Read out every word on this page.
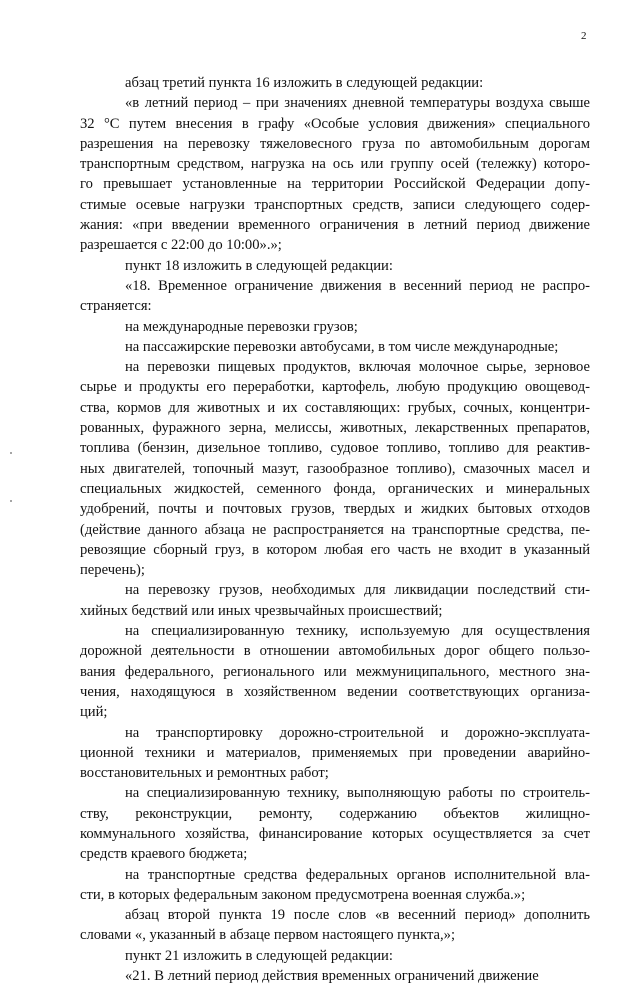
2
абзац третий пункта 16 изложить в следующей редакции:
«в летний период – при значениях дневной температуры воздуха свыше
32 °С путем внесения в графу «Особые условия движения» специального
разрешения на перевозку тяжеловесного груза по автомобильным дорогам
транспортным средством, нагрузка на ось или группу осей (тележку) которо-
го превышает установленные на территории Российской Федерации допу-
стимые осевые нагрузки транспортных средств, записи следующего содер-
жания: «при введении временного ограничения в летний период движение
разрешается с 22:00 до 10:00».»;
пункт 18 изложить в следующей редакции:
«18. Временное ограничение движения в весенний период не распро-
страняется:
на международные перевозки грузов;
на пассажирские перевозки автобусами, в том числе международные;
на перевозки пищевых продуктов, включая молочное сырье, зерновое
сырье и продукты его переработки, картофель, любую продукцию овощевод-
ства, кормов для животных и их составляющих: грубых, сочных, концентри-
рованных, фуражного зерна, мелиссы, животных, лекарственных препаратов,
топлива (бензин, дизельное топливо, судовое топливо, топливо для реактив-
ных двигателей, топочный мазут, газообразное топливо), смазочных масел и
специальных жидкостей, семенного фонда, органических и минеральных
удобрений, почты и почтовых грузов, твердых и жидких бытовых отходов
(действие данного абзаца не распространяется на транспортные средства, пе-
ревозящие сборный груз, в котором любая его часть не входит в указанный
перечень);
на перевозку грузов, необходимых для ликвидации последствий сти-
хийных бедствий или иных чрезвычайных происшествий;
на специализированную технику, используемую для осуществления
дорожной деятельности в отношении автомобильных дорог общего пользо-
вания федерального, регионального или межмуниципального, местного зна-
чения, находящуюся в хозяйственном ведении соответствующих организа-
ций;
на транспортировку дорожно-строительной и дорожно-эксплуата-
ционной техники и материалов, применяемых при проведении аварийно-
восстановительных и ремонтных работ;
на специализированную технику, выполняющую работы по строитель-
ству, реконструкции, ремонту, содержанию объектов жилищно-
коммунального хозяйства, финансирование которых осуществляется за счет
средств краевого бюджета;
на транспортные средства федеральных органов исполнительной вла-
сти, в которых федеральным законом предусмотрена военная служба.»;
абзац второй пункта 19 после слов «в весенний период» дополнить
словами «, указанный в абзаце первом настоящего пункта,»;
пункт 21 изложить в следующей редакции:
«21. В летний период действия временных ограничений движение
